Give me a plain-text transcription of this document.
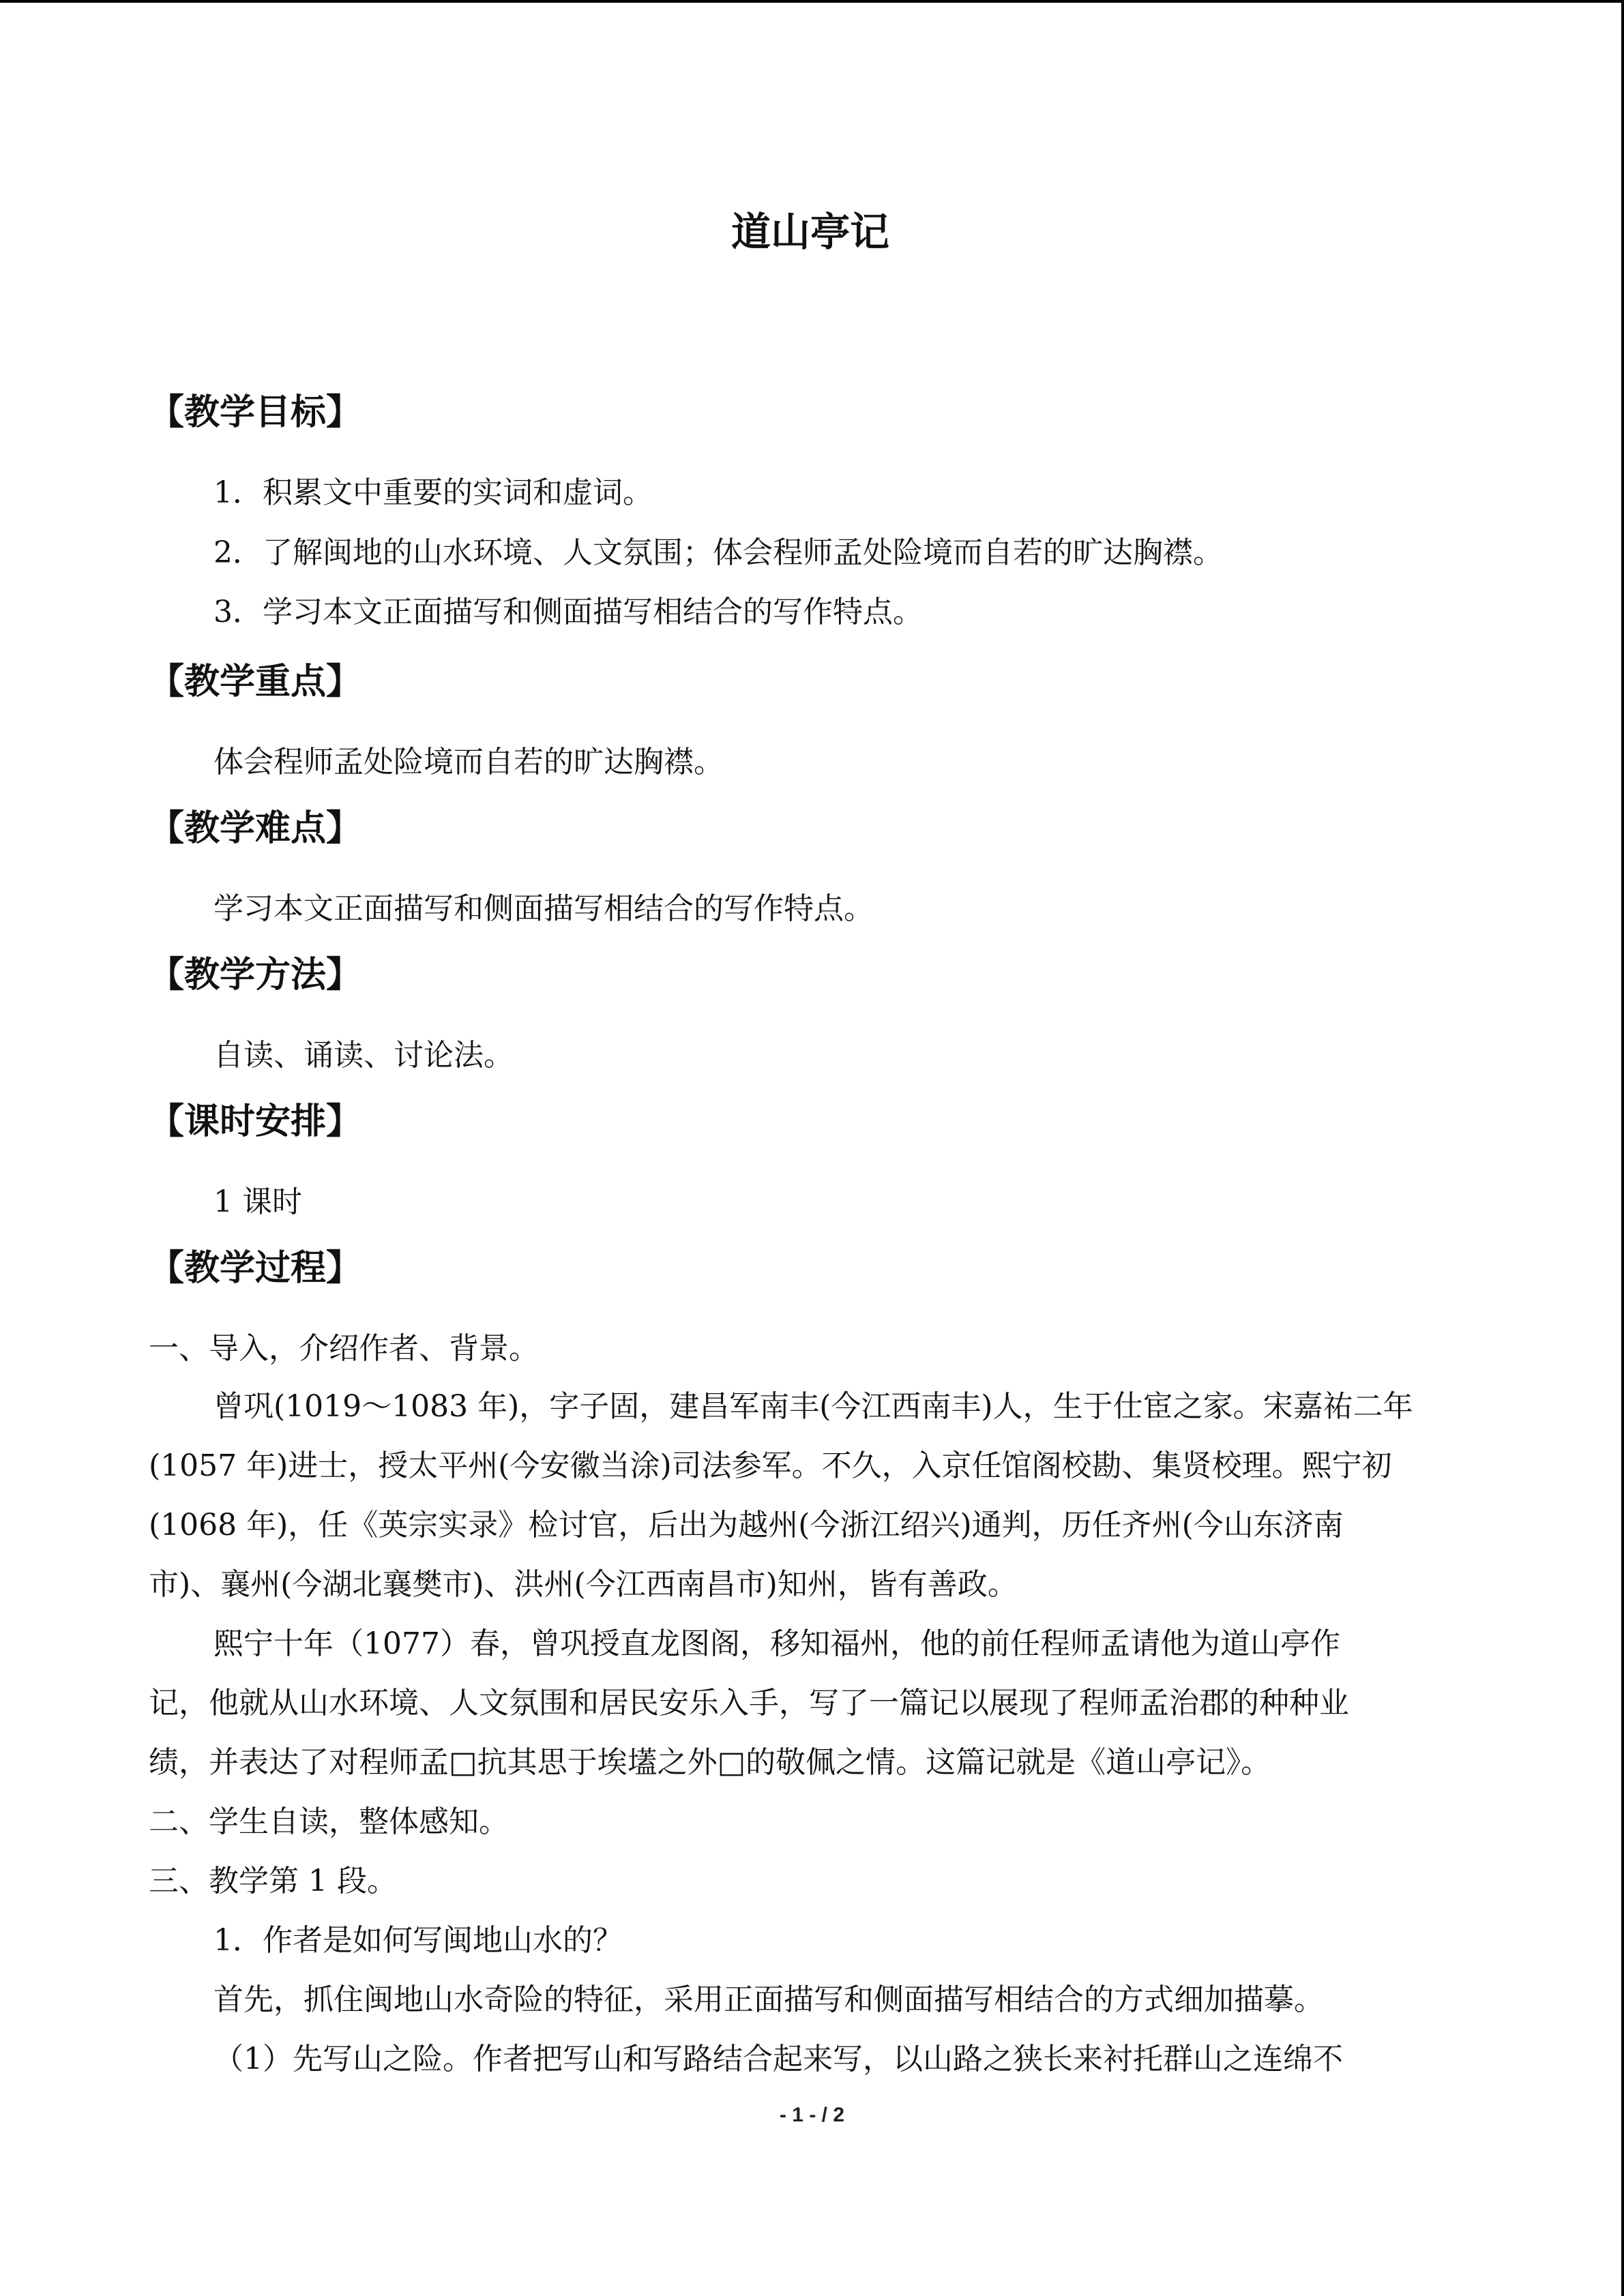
道山亭记
【教学目标】
1．积累文中重要的实词和虚词。
2．了解闽地的山水环境、人文氛围；体会程师孟处险境而自若的旷达胸襟。
3．学习本文正面描写和侧面描写相结合的写作特点。
【教学重点】
体会程师孟处险境而自若的旷达胸襟。
【教学难点】
学习本文正面描写和侧面描写相结合的写作特点。
【教学方法】
自读、诵读、讨论法。
【课时安排】
1 课时
【教学过程】
一、导入，介绍作者、背景。
曾巩(1019～1083 年)，字子固，建昌军南丰(今江西南丰)人，生于仕宦之家。宋嘉祐二年
(1057 年)进士，授太平州(今安徽当涂)司法参军。不久，入京任馆阁校勘、集贤校理。熙宁初
(1068 年)，任《英宗实录》检讨官，后出为越州(今浙江绍兴)通判，历任齐州(今山东济南
市)、襄州(今湖北襄樊市)、洪州(今江西南昌市)知州，皆有善政。
熙宁十年（1077）春，曾巩授直龙图阁，移知福州，他的前任程师孟请他为道山亭作
记，他就从山水环境、人文氛围和居民安乐入手，写了一篇记以展现了程师孟治郡的种种业
绩，并表达了对程师孟□抗其思于埃壒之外□的敬佩之情。这篇记就是《道山亭记》。
二、学生自读，整体感知。
三、教学第 1 段。
1．作者是如何写闽地山水的？
首先，抓住闽地山水奇险的特征，采用正面描写和侧面描写相结合的方式细加描摹。
（1）先写山之险。作者把写山和写路结合起来写，以山路之狭长来衬托群山之连绵不
- 1 - / 2
